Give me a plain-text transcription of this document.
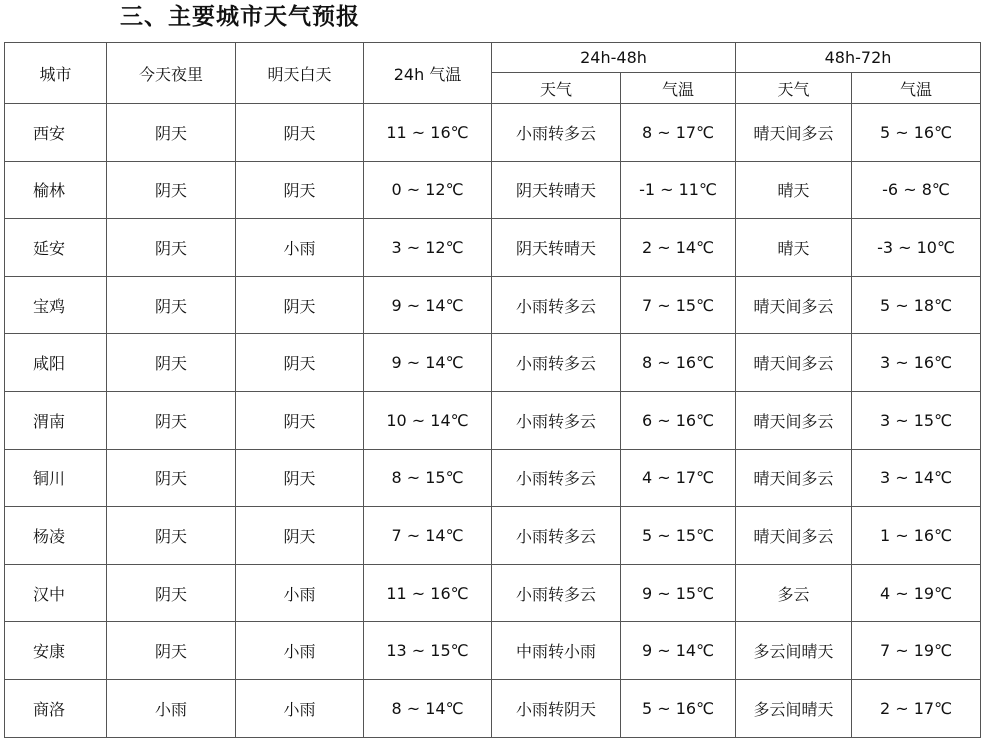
三、主要城市天气预报
城市	今天夜里	明天白天	24h 气温	24h-48h		48h-72h	
				天气	气温	天气	气温
西安	阴天	阴天	11 ~ 16℃	小雨转多云	8 ~ 17℃	晴天间多云	5 ~ 16℃
榆林	阴天	阴天	0 ~ 12℃	阴天转晴天	-1 ~ 11℃	晴天	-6 ~ 8℃
延安	阴天	小雨	3 ~ 12℃	阴天转晴天	2 ~ 14℃	晴天	-3 ~ 10℃
宝鸡	阴天	阴天	9 ~ 14℃	小雨转多云	7 ~ 15℃	晴天间多云	5 ~ 18℃
咸阳	阴天	阴天	9 ~ 14℃	小雨转多云	8 ~ 16℃	晴天间多云	3 ~ 16℃
渭南	阴天	阴天	10 ~ 14℃	小雨转多云	6 ~ 16℃	晴天间多云	3 ~ 15℃
铜川	阴天	阴天	8 ~ 15℃	小雨转多云	4 ~ 17℃	晴天间多云	3 ~ 14℃
杨凌	阴天	阴天	7 ~ 14℃	小雨转多云	5 ~ 15℃	晴天间多云	1 ~ 16℃
汉中	阴天	小雨	11 ~ 16℃	小雨转多云	9 ~ 15℃	多云	4 ~ 19℃
安康	阴天	小雨	13 ~ 15℃	中雨转小雨	9 ~ 14℃	多云间晴天	7 ~ 19℃
商洛	小雨	小雨	8 ~ 14℃	小雨转阴天	5 ~ 16℃	多云间晴天	2 ~ 17℃
